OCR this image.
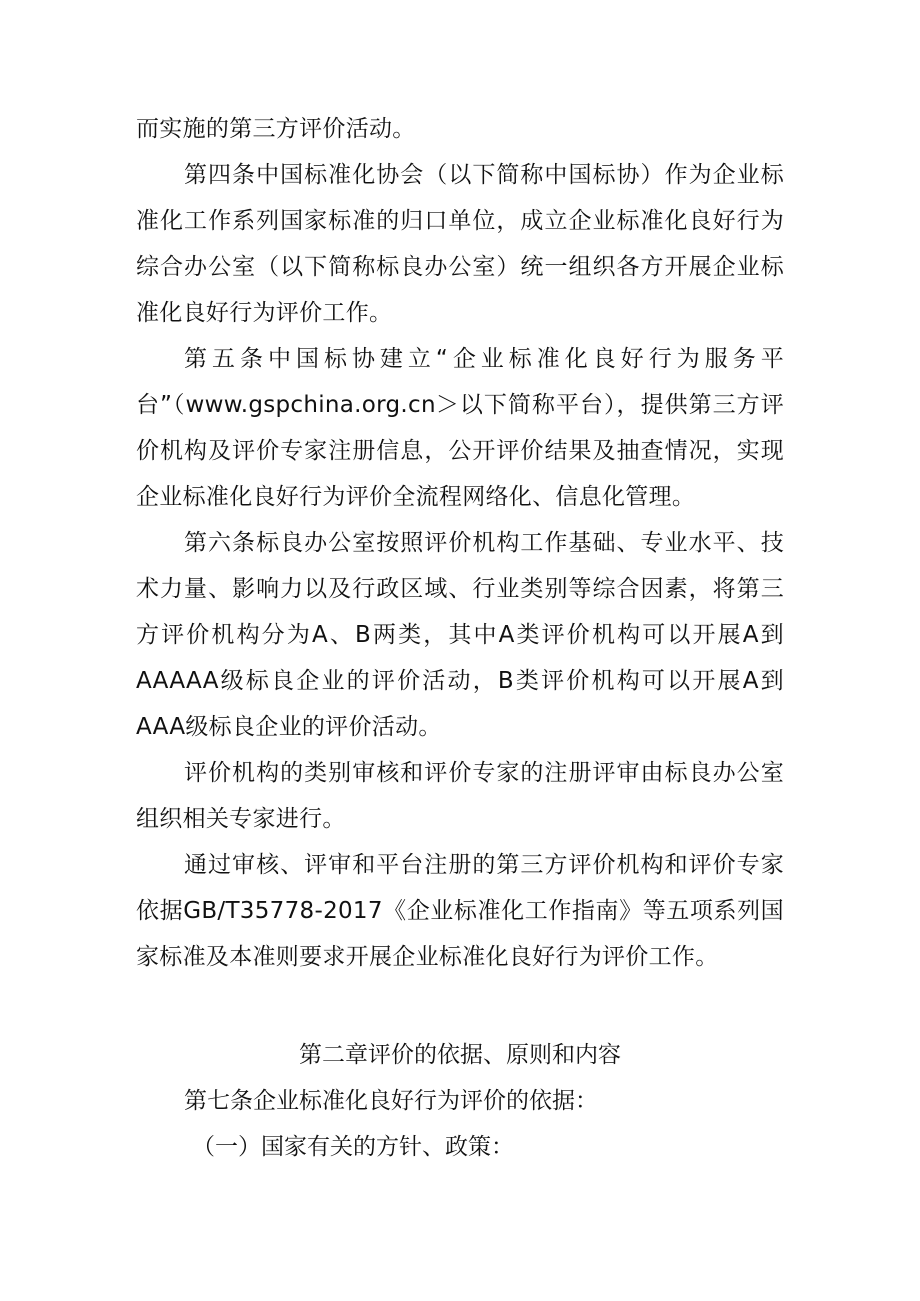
而实施的第三方评价活动。

第四条中国标准化协会（以下简称中国标协）作为企业标准化工作系列国家标准的归口单位，成立企业标准化良好行为综合办公室（以下简称标良办公室）统一组织各方开展企业标准化良好行为评价工作。

第五条中国标协建立“企业标准化良好行为服务平台”（www.gspchina.org.cn＞以下简称平台），提供第三方评价机构及评价专家注册信息，公开评价结果及抽查情况，实现企业标准化良好行为评价全流程网络化、信息化管理。

第六条标良办公室按照评价机构工作基础、专业水平、技术力量、影响力以及行政区域、行业类别等综合因素，将第三方评价机构分为A、B两类，其中A类评价机构可以开展A到AAAAA级标良企业的评价活动，B类评价机构可以开展A到AAA级标良企业的评价活动。

评价机构的类别审核和评价专家的注册评审由标良办公室组织相关专家进行。

通过审核、评审和平台注册的第三方评价机构和评价专家依据GB/T35778-2017《企业标准化工作指南》等五项系列国家标准及本准则要求开展企业标准化良好行为评价工作。

第二章评价的依据、原则和内容

第七条企业标准化良好行为评价的依据：

（一）国家有关的方针、政策：
